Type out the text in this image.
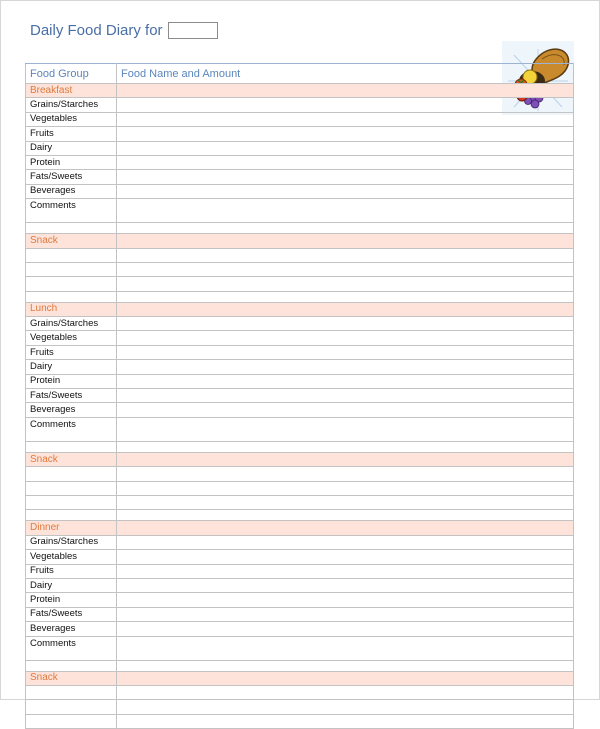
Daily Food Diary for
Food Group	Food Name and Amount
Breakfast	
Grains/Starches	
Vegetables	
Fruits	
Dairy	
Protein	
Fats/Sweets	
Beverages	
Comments	

Snack	

Lunch	
Grains/Starches	
Vegetables	
Fruits	
Dairy	
Protein	
Fats/Sweets	
Beverages	
Comments	

Snack	

Dinner	
Grains/Starches	
Vegetables	
Fruits	
Dairy	
Protein	
Fats/Sweets	
Beverages	
Comments	

Snack	
